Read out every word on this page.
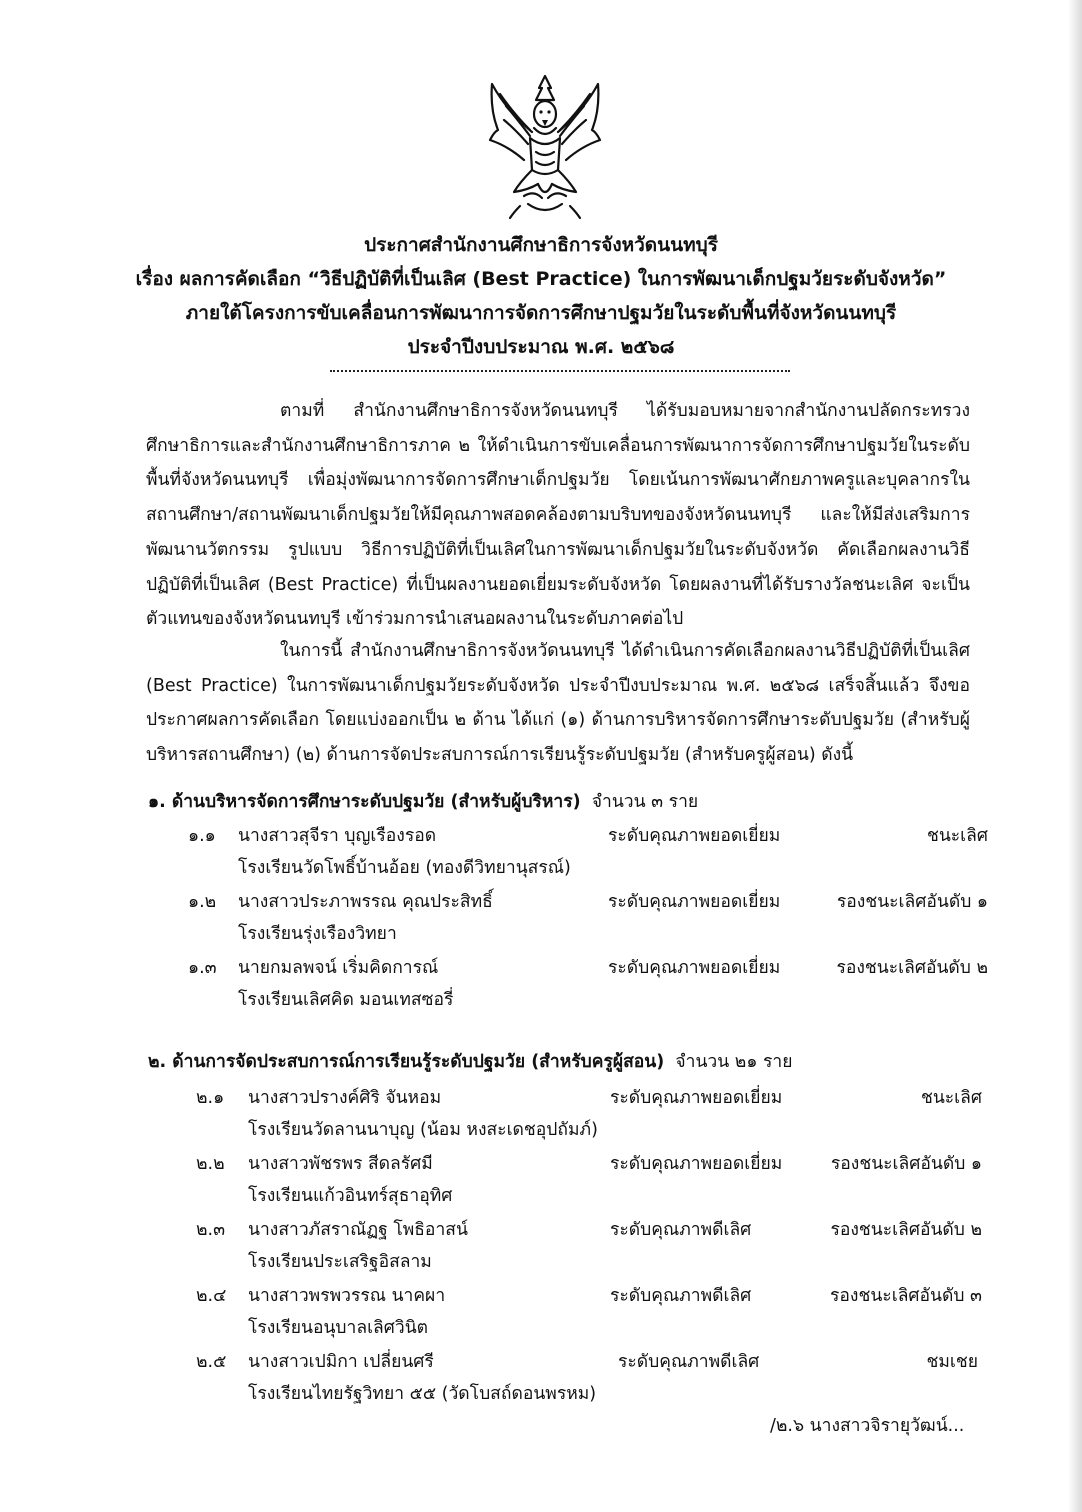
ประกาศสำนักงานศึกษาธิการจังหวัดนนทบุรี
เรื่อง ผลการคัดเลือก “วิธีปฏิบัติที่เป็นเลิศ (Best Practice) ในการพัฒนาเด็กปฐมวัยระดับจังหวัด”
ภายใต้โครงการขับเคลื่อนการพัฒนาการจัดการศึกษาปฐมวัยในระดับพื้นที่จังหวัดนนทบุรี
ประจำปีงบประมาณ พ.ศ. ๒๕๖๘

ตามที่ สำนักงานศึกษาธิการจังหวัดนนทบุรี ได้รับมอบหมายจากสำนักงานปลัดกระทรวงศึกษาธิการและสำนักงานศึกษาธิการภาค ๒ ให้ดำเนินการขับเคลื่อนการพัฒนาการจัดการศึกษาปฐมวัยในระดับพื้นที่จังหวัดนนทบุรี เพื่อมุ่งพัฒนาการจัดการศึกษาเด็กปฐมวัย โดยเน้นการพัฒนาศักยภาพครูและบุคลากรในสถานศึกษา/สถานพัฒนาเด็กปฐมวัยให้มีคุณภาพสอดคล้องตามบริบทของจังหวัดนนทบุรี และให้มีส่งเสริมการพัฒนานวัตกรรม รูปแบบ วิธีการปฏิบัติที่เป็นเลิศในการพัฒนาเด็กปฐมวัยในระดับจังหวัด คัดเลือกผลงานวิธีปฏิบัติที่เป็นเลิศ (Best Practice) ที่เป็นผลงานยอดเยี่ยมระดับจังหวัด โดยผลงานที่ได้รับรางวัลชนะเลิศ จะเป็นตัวแทนของจังหวัดนนทบุรี เข้าร่วมการนำเสนอผลงานในระดับภาคต่อไป

ในการนี้ สำนักงานศึกษาธิการจังหวัดนนทบุรี ได้ดำเนินการคัดเลือกผลงานวิธีปฏิบัติที่เป็นเลิศ (Best Practice) ในการพัฒนาเด็กปฐมวัยระดับจังหวัด ประจำปีงบประมาณ พ.ศ. ๒๕๖๘ เสร็จสิ้นแล้ว จึงขอประกาศผลการคัดเลือก โดยแบ่งออกเป็น ๒ ด้าน ได้แก่ (๑) ด้านการบริหารจัดการศึกษาระดับปฐมวัย (สำหรับผู้บริหารสถานศึกษา) (๒) ด้านการจัดประสบการณ์การเรียนรู้ระดับปฐมวัย (สำหรับครูผู้สอน) ดังนี้

๑. ด้านบริหารจัดการศึกษาระดับปฐมวัย (สำหรับผู้บริหาร) จำนวน ๓ ราย
๑.๑ นางสาวสุจีรา บุญเรืองรอด
โรงเรียนวัดโพธิ์บ้านอ้อย (ทองดีวิทยานุสรณ์)
ระดับคุณภาพยอดเยี่ยม	ชนะเลิศ
๑.๒ นางสาวประภาพรรณ คุณประสิทธิ์
โรงเรียนรุ่งเรืองวิทยา
ระดับคุณภาพยอดเยี่ยม	รองชนะเลิศอันดับ ๑
๑.๓ นายกมลพจน์ เริ่มคิดการณ์
โรงเรียนเลิศคิด มอนเทสซอรี่
ระดับคุณภาพยอดเยี่ยม	รองชนะเลิศอันดับ ๒
๒. ด้านการจัดประสบการณ์การเรียนรู้ระดับปฐมวัย (สำหรับครูผู้สอน) จำนวน ๒๑ ราย
๒.๑ นางสาวปรางค์ศิริ จันหอม
โรงเรียนวัดลานนาบุญ (น้อม หงสะเดชอุปถัมภ์)
ระดับคุณภาพยอดเยี่ยม	ชนะเลิศ
๒.๒ นางสาวพัชรพร สีดลรัศมี
โรงเรียนแก้วอินทร์สุธาอุทิศ
ระดับคุณภาพยอดเยี่ยม	รองชนะเลิศอันดับ ๑
๒.๓ นางสาวภัสราณัฏฐ โพธิอาสน์
โรงเรียนประเสริฐอิสลาม
ระดับคุณภาพดีเลิศ	รองชนะเลิศอันดับ ๒
๒.๔ นางสาวพรพวรรณ นาคผา
โรงเรียนอนุบาลเลิศวินิต
ระดับคุณภาพดีเลิศ	รองชนะเลิศอันดับ ๓
๒.๕ นางสาวเปมิกา เปลี่ยนศรี
โรงเรียนไทยรัฐวิทยา ๕๕ (วัดโบสถ์ดอนพรหม)
ระดับคุณภาพดีเลิศ	ชมเชย
/๒.๖ นางสาวจิรายุวัฒน์...
